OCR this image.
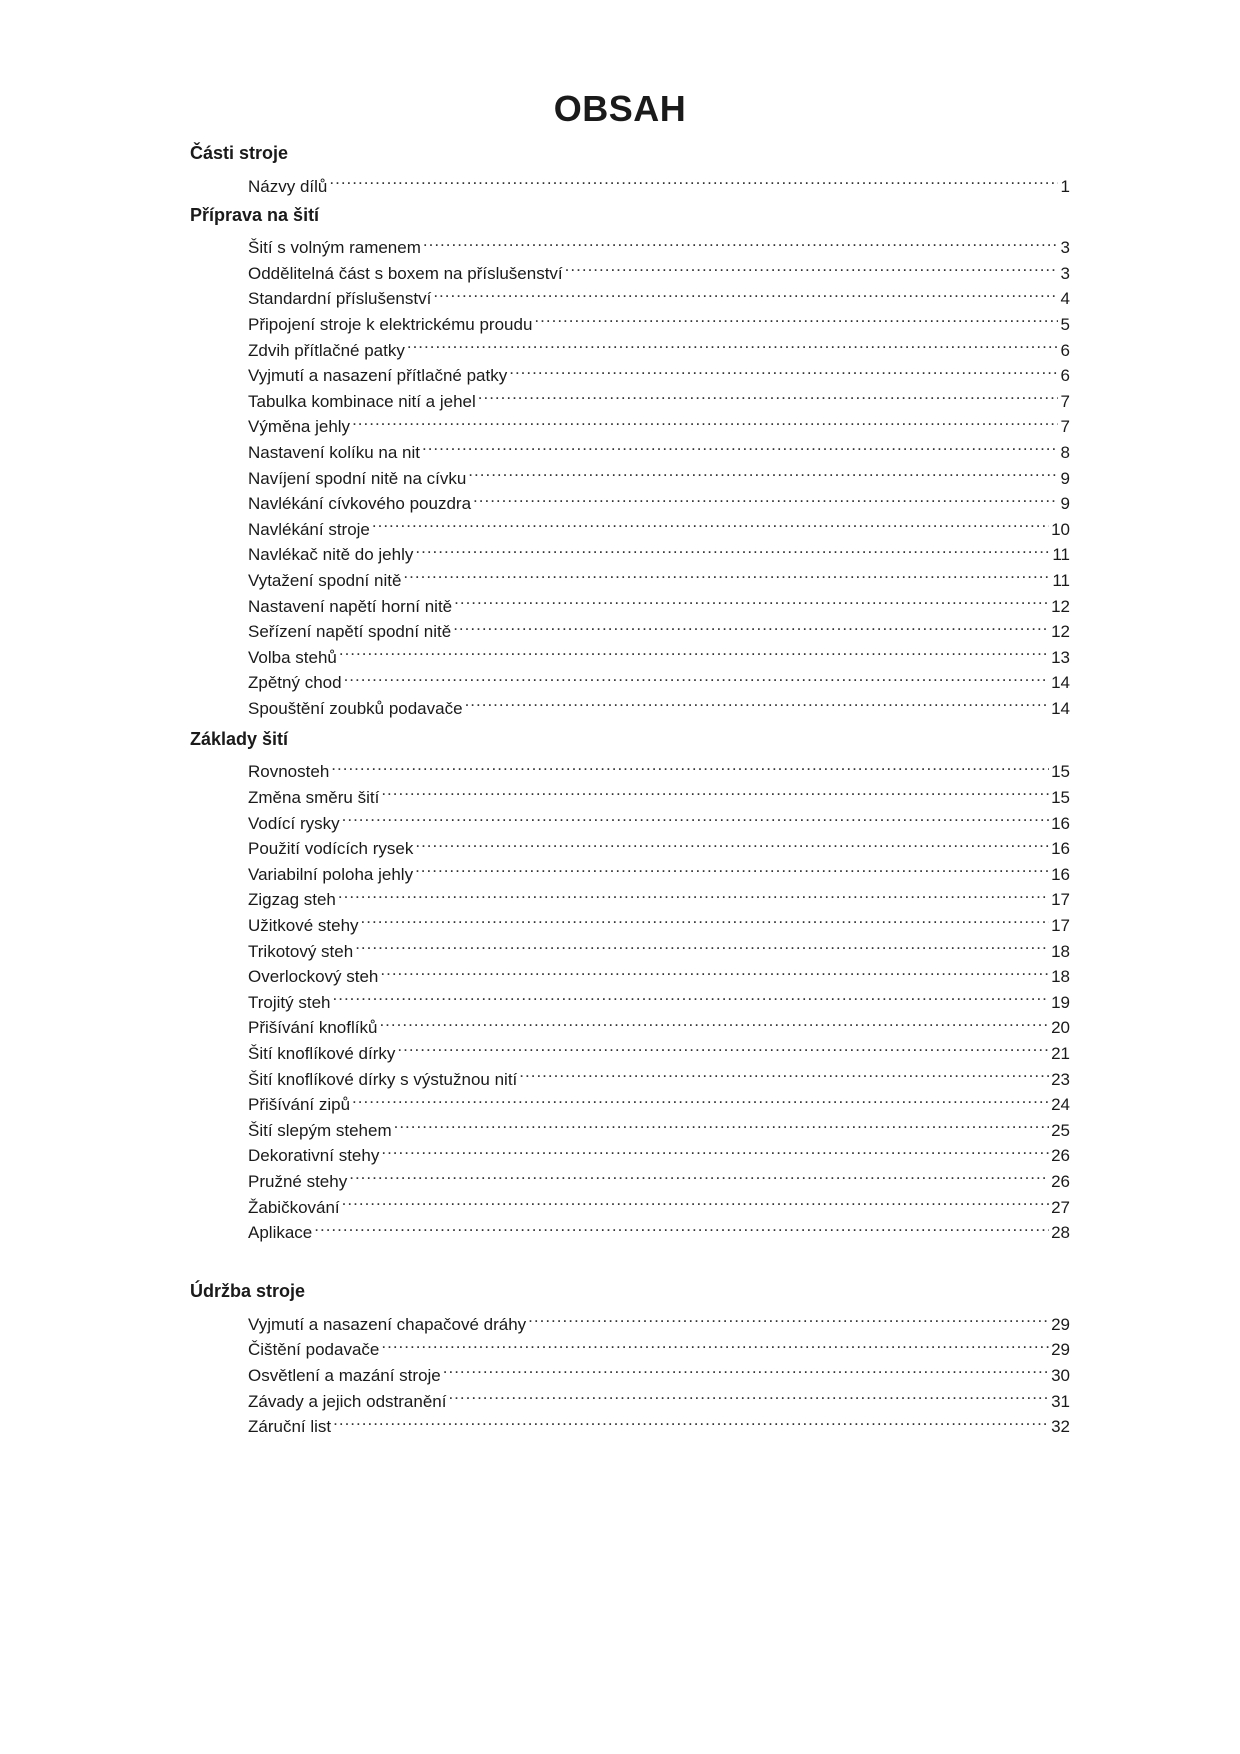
OBSAH
Části stroje
Názvy dílů .....	1
Příprava na šití
Šití s volným ramenem .....	3
Oddělitelná část s boxem na příslušenství .....	3
Standardní příslušenství .....	4
Připojení stroje k elektrickému proudu .....	5
Zdvih přítlačné patky .....	6
Vyjmutí a nasazení přítlačné patky .....	6
Tabulka kombinace nití a jehel .....	7
Výměna jehly .....	7
Nastavení kolíku na nit .....	8
Navíjení spodní nitě na cívku .....	9
Navlékání cívkového pouzdra .....	9
Navlékání stroje .....	10
Navlékač nitě do jehly .....	11
Vytažení spodní nitě .....	11
Nastavení napětí horní nitě .....	12
Seřízení napětí spodní nitě .....	12
Volba stehů .....	13
Zpětný chod .....	14
Spouštění zoubků podavače .....	14
Základy šití
Rovnosteh .....	15
Změna směru šití .....	15
Vodící rysky .....	16
Použití vodících rysek .....	16
Variabilní poloha jehly .....	16
Zigzag steh .....	17
Užitkové stehy .....	17
Trikotový steh .....	18
Overlockový steh .....	18
Trojitý steh .....	19
Přišívání knoflíků .....	20
Šití knoflíkové dírky .....	21
Šití knoflíkové dírky s výstužnou nití .....	23
Přišívání zipů .....	24
Šití slepým stehem .....	25
Dekorativní stehy .....	26
Pružné stehy .....	26
Žabičkování .....	27
Aplikace .....	28
Údržba stroje
Vyjmutí a nasazení chapačové dráhy .....	29
Čištění podavače .....	29
Osvětlení a mazání stroje .....	30
Závady a jejich odstranění .....	31
Záruční list .....	32
